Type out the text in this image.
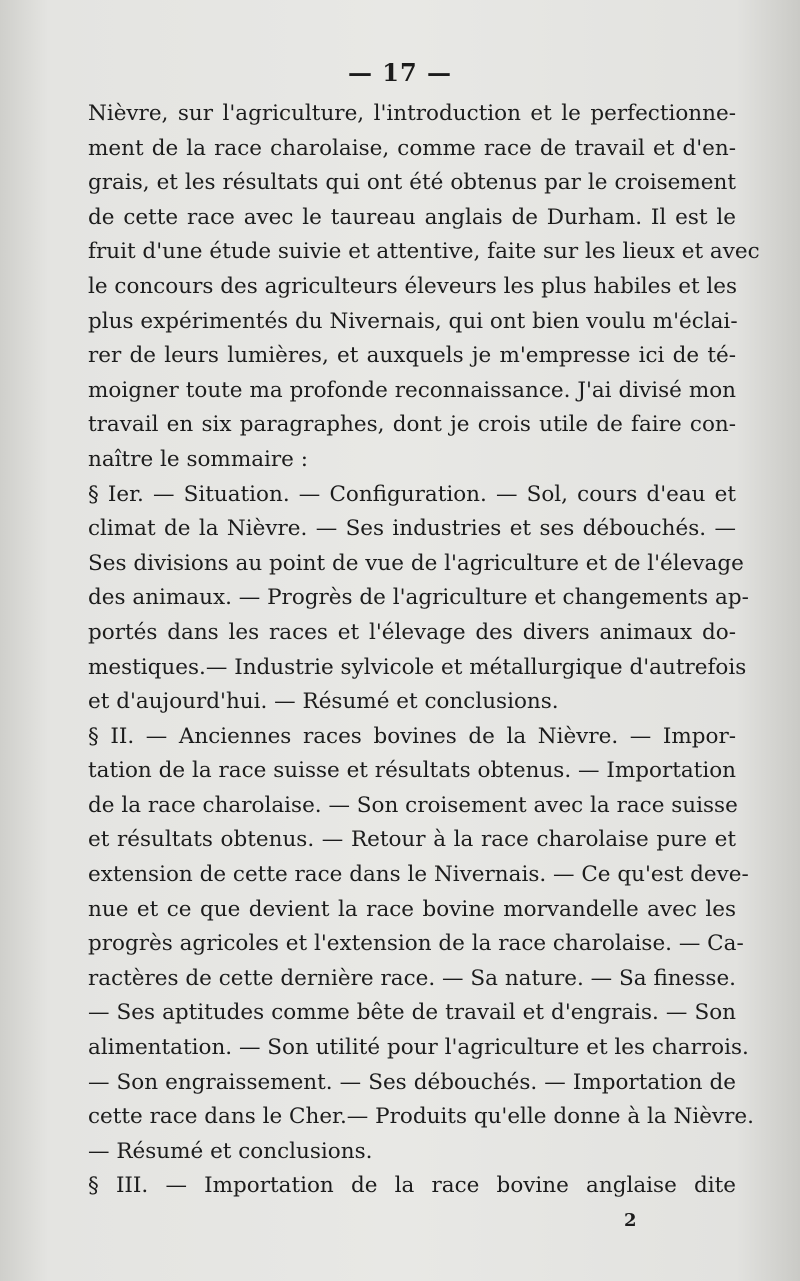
— 17 —
Nièvre, sur l'agriculture, l'introduction et le perfectionne-
ment de la race charolaise, comme race de travail et d'en-
grais, et les résultats qui ont été obtenus par le croisement
de cette race avec le taureau anglais de Durham. Il est le
fruit d'une étude suivie et attentive, faite sur les lieux et avec
le concours des agriculteurs éleveurs les plus habiles et les
plus expérimentés du Nivernais, qui ont bien voulu m'éclai-
rer de leurs lumières, et auxquels je m'empresse ici de té-
moigner toute ma profonde reconnaissance. J'ai divisé mon
travail en six paragraphes, dont je crois utile de faire con-
naître le sommaire :
§ Ier. — Situation. — Configuration. — Sol, cours d'eau et
climat de la Nièvre. — Ses industries et ses débouchés. —
Ses divisions au point de vue de l'agriculture et de l'élevage
des animaux. — Progrès de l'agriculture et changements ap-
portés dans les races et l'élevage des divers animaux do-
mestiques.— Industrie sylvicole et métallurgique d'autrefois
et d'aujourd'hui. — Résumé et conclusions.
§ II. — Anciennes races bovines de la Nièvre. — Impor-
tation de la race suisse et résultats obtenus. — Importation
de la race charolaise. — Son croisement avec la race suisse
et résultats obtenus. — Retour à la race charolaise pure et
extension de cette race dans le Nivernais. — Ce qu'est deve-
nue et ce que devient la race bovine morvandelle avec les
progrès agricoles et l'extension de la race charolaise. — Ca-
ractères de cette dernière race. — Sa nature. — Sa finesse.
— Ses aptitudes comme bête de travail et d'engrais. — Son
alimentation. — Son utilité pour l'agriculture et les charrois.
— Son engraissement. — Ses débouchés. — Importation de
cette race dans le Cher.— Produits qu'elle donne à la Nièvre.
— Résumé et conclusions.
§ III. — Importation de la race bovine anglaise dite
2
